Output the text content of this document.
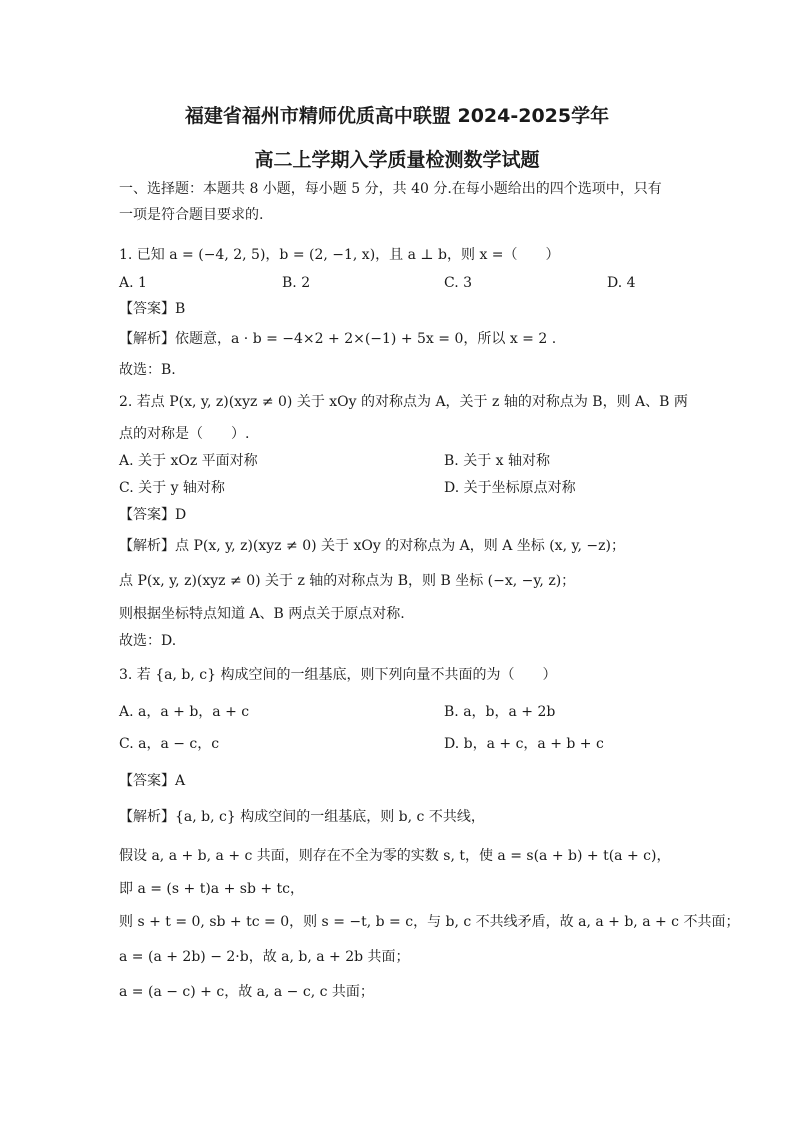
福建省福州市精师优质高中联盟 2024-2025学年
高二上学期入学质量检测数学试题
一、选择题：本题共 8 小题，每小题 5 分，共 40 分.在每小题给出的四个选项中，只有
一项是符合题目要求的.
1. 已知 a = (−4, 2, 5)，b = (2, −1, x)，且 a ⊥ b，则 x =（　　）
A. 1	B. 2	C. 3	D. 4
【答案】B
【解析】依题意，a · b = −4×2 + 2×(−1) + 5x = 0，所以 x = 2 .
故选：B.
2. 若点 P(x, y, z)(xyz ≠ 0) 关于 xOy 的对称点为 A，关于 z 轴的对称点为 B，则 A、B 两
点的对称是（　　）.
A. 关于 xOz 平面对称	B. 关于 x 轴对称
C. 关于 y 轴对称	D. 关于坐标原点对称
【答案】D
【解析】点 P(x, y, z)(xyz ≠ 0) 关于 xOy 的对称点为 A，则 A 坐标 (x, y, −z)；
点 P(x, y, z)(xyz ≠ 0) 关于 z 轴的对称点为 B，则 B 坐标 (−x, −y, z)；
则根据坐标特点知道 A、B 两点关于原点对称.
故选：D.
3. 若 {a, b, c} 构成空间的一组基底，则下列向量不共面的为（　　）
A. a，a + b，a + c	B. a，b，a + 2b
C. a，a − c，c	D. b，a + c，a + b + c
【答案】A
【解析】{a, b, c} 构成空间的一组基底，则 b, c 不共线，
假设 a, a + b, a + c 共面，则存在不全为零的实数 s, t，使 a = s(a + b) + t(a + c)，
即 a = (s + t)a + sb + tc，
则 s + t = 0, sb + tc = 0，则 s = −t, b = c，与 b, c 不共线矛盾，故 a, a + b, a + c 不共面；
a = (a + 2b) − 2·b，故 a, b, a + 2b 共面；
a = (a − c) + c，故 a, a − c, c 共面；
